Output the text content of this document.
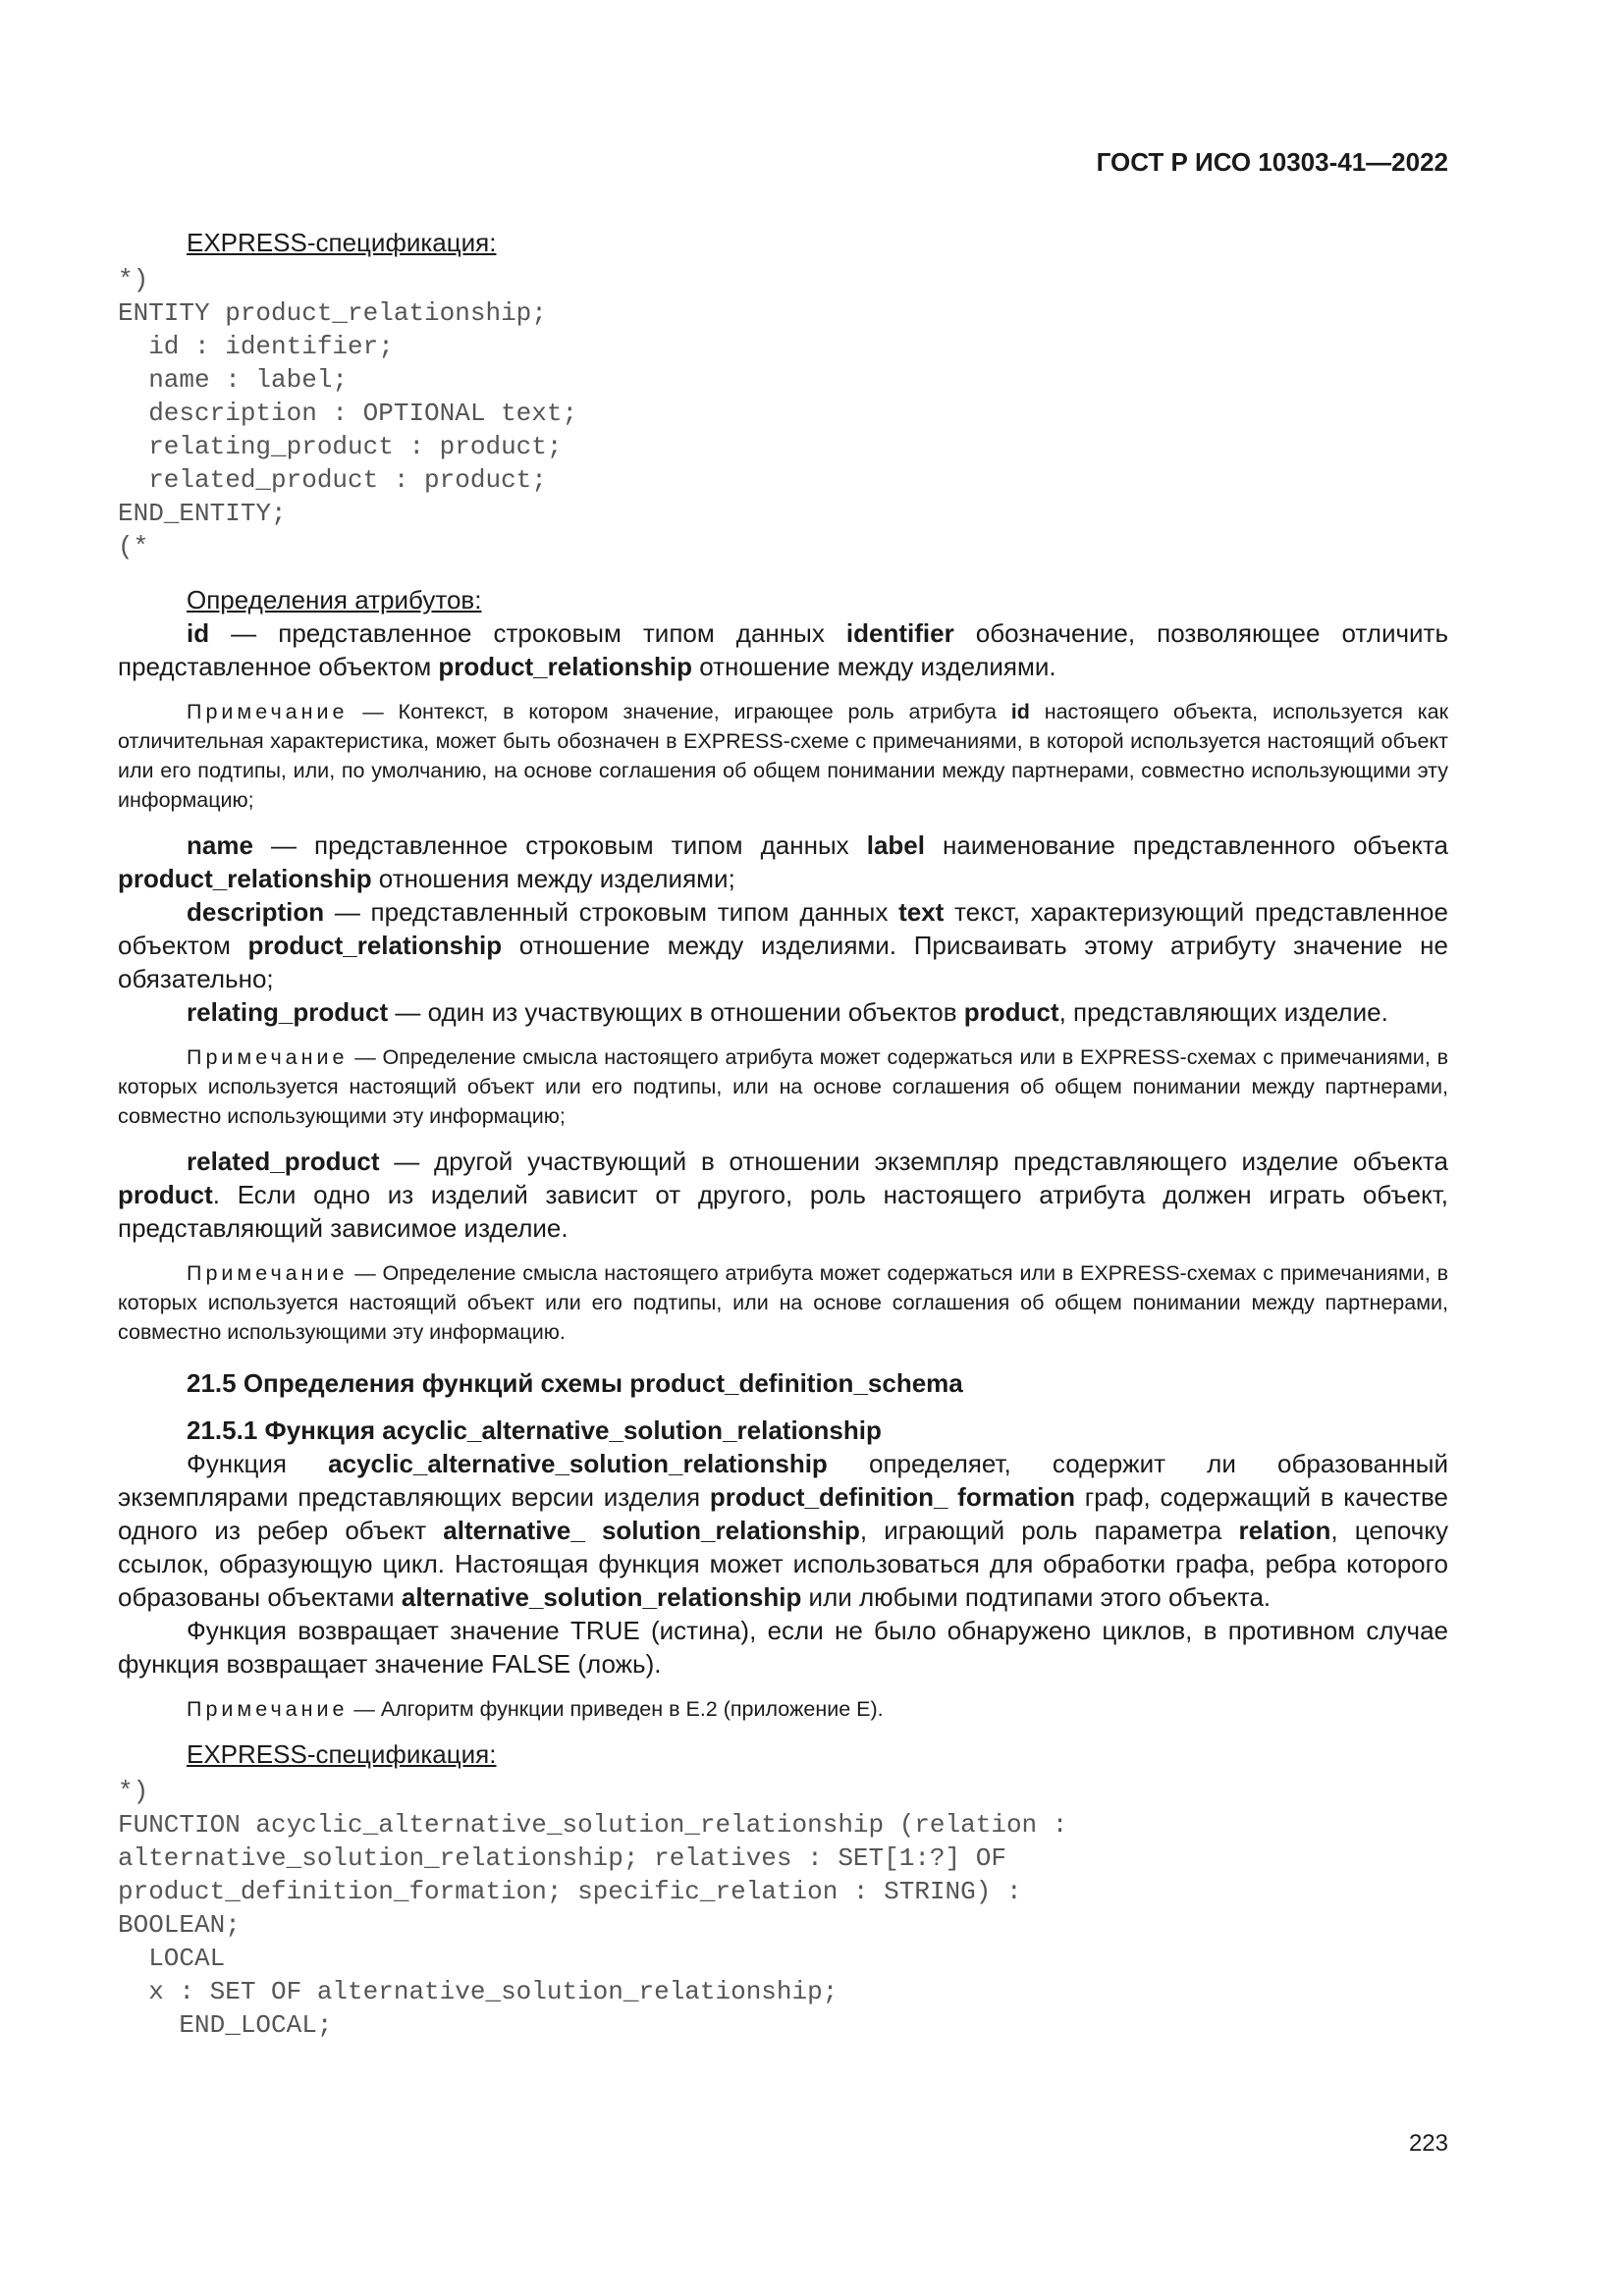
ГОСТ Р ИСО 10303-41—2022
EXPRESS-спецификация:
*)
ENTITY product_relationship;
id : identifier;
name : label;
description : OPTIONAL text;
relating_product : product;
related_product : product;
END_ENTITY;
(*
Определения атрибутов:

id — представленное строковым типом данных identifier обозначение, позволяющее отличить представленное объектом product_relationship отношение между изделиями.

Примечание — Контекст, в котором значение, играющее роль атрибута id настоящего объекта, используется как отличительная характеристика, может быть обозначен в EXPRESS-схеме с примечаниями, в которой используется настоящий объект или его подтипы, или, по умолчанию, на основе соглашения об общем понимании между партнерами, совместно использующими эту информацию;

name — представленное строковым типом данных label наименование представленного объекта product_relationship отношения между изделиями;

description — представленный строковым типом данных text текст, характеризующий представленное объектом product_relationship отношение между изделиями. Присваивать этому атрибуту значение не обязательно;

relating_product — один из участвующих в отношении объектов product, представляющих изделие.

Примечание — Определение смысла настоящего атрибута может содержаться или в EXPRESS-схемах с примечаниями, в которых используется настоящий объект или его подтипы, или на основе соглашения об общем понимании между партнерами, совместно использующими эту информацию;

related_product — другой участвующий в отношении экземпляр представляющего изделие объекта product. Если одно из изделий зависит от другого, роль настоящего атрибута должен играть объект, представляющий зависимое изделие.

Примечание — Определение смысла настоящего атрибута может содержаться или в EXPRESS-схемах с примечаниями, в которых используется настоящий объект или его подтипы, или на основе соглашения об общем понимании между партнерами, совместно использующими эту информацию.

21.5 Определения функций схемы product_definition_schema
21.5.1 Функция acyclic_alternative_solution_relationship

Функция acyclic_alternative_solution_relationship определяет, содержит ли образованный экземплярами представляющих версии изделия product_definition_ formation граф, содержащий в качестве одного из ребер объект alternative_ solution_relationship, играющий роль параметра relation, цепочку ссылок, образующую цикл. Настоящая функция может использоваться для обработки графа, ребра которого образованы объектами alternative_solution_relationship или любыми подтипами этого объекта.

Функция возвращает значение TRUE (истина), если не было обнаружено циклов, в противном случае функция возвращает значение FALSE (ложь).

Примечание — Алгоритм функции приведен в Е.2 (приложение Е).

EXPRESS-спецификация:
*)
FUNCTION acyclic_alternative_solution_relationship (relation :
alternative_solution_relationship; relatives : SET[1:?] OF
product_definition_formation; specific_relation : STRING) :
BOOLEAN;
LOCAL
x : SET OF alternative_solution_relationship;
END_LOCAL;
223
